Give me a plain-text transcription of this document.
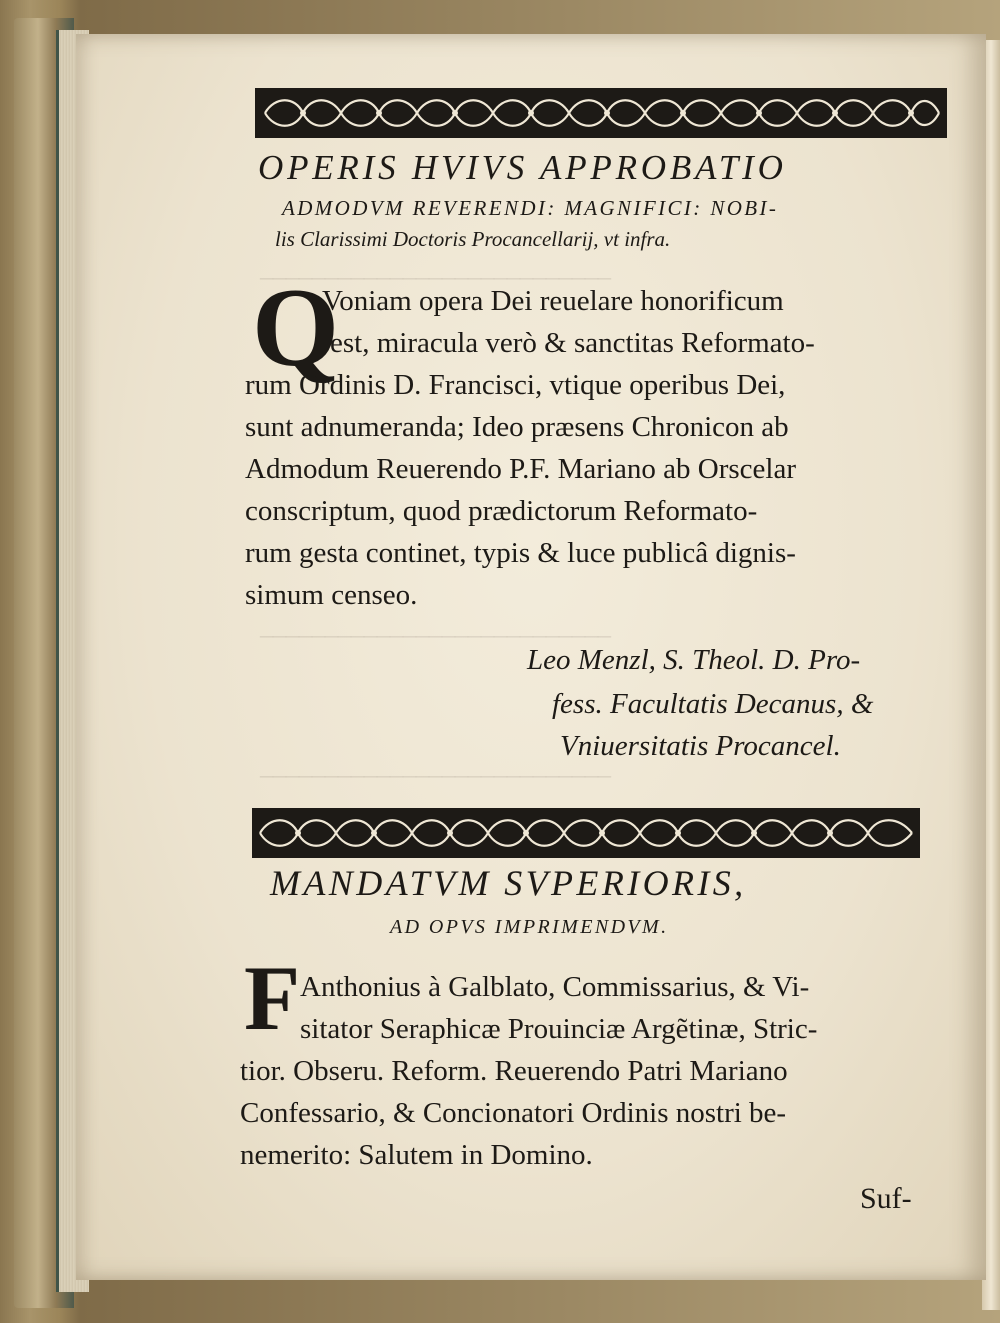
‒‒‒‒‒‒‒‒‒‒‒‒‒‒‒‒‒‒‒‒‒‒‒‒‒‒‒
‒‒‒‒‒‒‒‒‒‒‒‒‒‒‒‒‒‒‒‒‒‒‒‒‒‒‒
‒‒‒‒‒‒‒‒‒‒‒‒‒‒‒‒‒‒‒‒‒‒‒‒‒‒‒
OPERIS HVIVS APPROBATIO
ADMODVM REVERENDI: MAGNIFICI: NOBI-
lis Clarissimi Doctoris Procancellarij, vt infra.
Q
Voniam opera Dei reuelare honorificum
est, miracula verò & sanctitas Reformato-
rum Ordinis D. Francisci, vtique operibus Dei,
sunt adnumeranda; Ideo præsens Chronicon ab
Admodum Reuerendo P.F. Mariano ab Orscelar
conscriptum, quod prædictorum Reformato-
rum gesta continet, typis & luce publicâ dignis-
simum censeo.
Leo Menzl, S. Theol. D. Pro-
fess. Facultatis Decanus, &
Vniuersitatis Procancel.
MANDATVM SVPERIORIS,
AD OPVS IMPRIMENDVM.
F Anthonius à Galblato, Commissarius, & Vi-
sitator Seraphicæ Prouinciæ Argẽtinæ, Stric-
tior. Obseru. Reform. Reuerendo Patri Mariano
Confessario, & Concionatori Ordinis nostri be-
nemerito: Salutem in Domino.
Suf-
